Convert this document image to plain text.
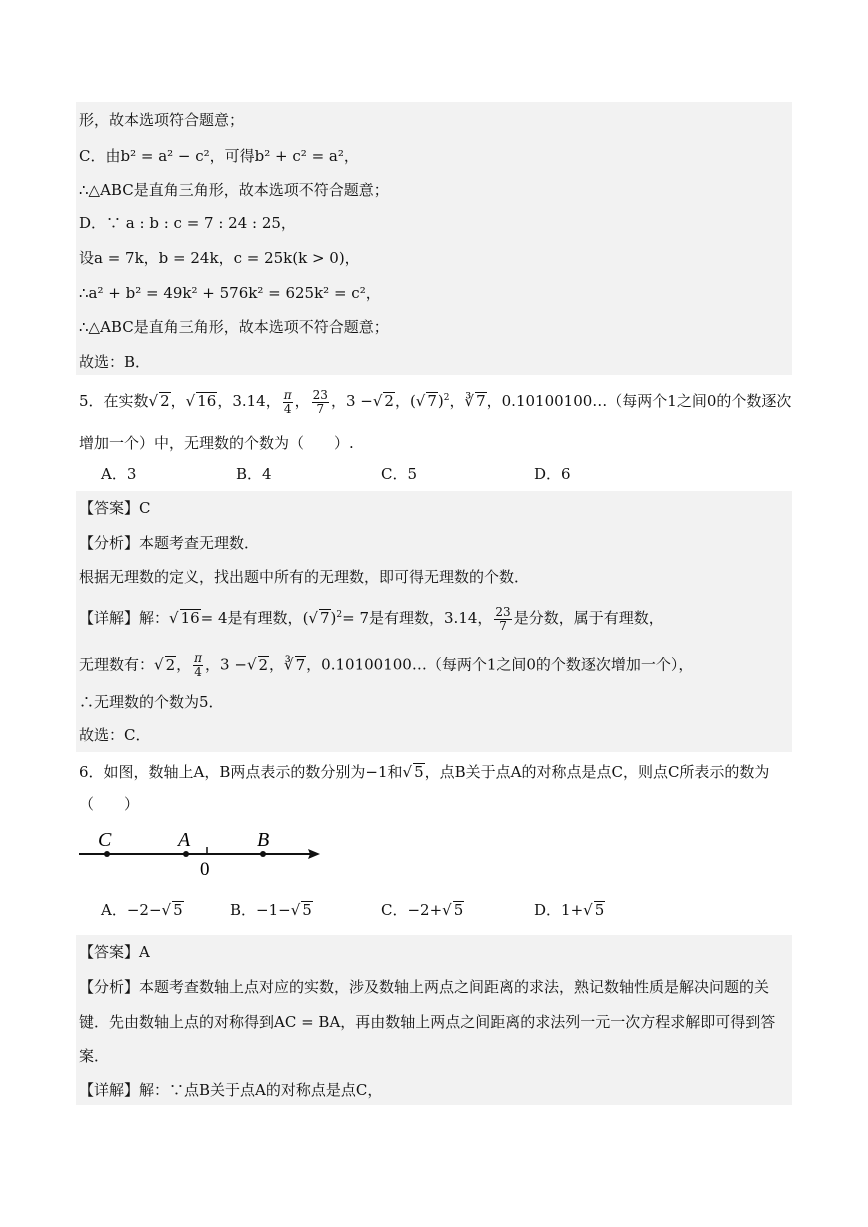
形，故本选项符合题意；
C．由b² = a² − c²，可得b² + c² = a²，
∴△ABC是直角三角形，故本选项不符合题意；
D．∵ a : b : c = 7 : 24 : 25，
设a = 7k，b = 24k，c = 25k(k > 0)，
∴a² + b² = 49k² + 576k² = 625k² = c²，
∴△ABC是直角三角形，故本选项不符合题意；
故选：B．
5．在实数√ 2，√ 16，3.14， $\frac{\pi}{4}$ ， $\frac{23}{7}$ ，3 −√ 2，(√ 7)$^2$，∛ 7，0.10100100…（每两个1之间0的个数逐次
增加一个）中，无理数的个数为（　　）.
A．3	B．4	C．5	D．6
【答案】C
【分析】本题考查无理数．
根据无理数的定义，找出题中所有的无理数，即可得无理数的个数．
【详解】解：√ 16= 4是有理数，(√ 7)$^2$= 7是有理数，3.14， $\frac{23}{7}$ 是分数，属于有理数，
无理数有：√ 2， $\frac{\pi}{4}$ ，3 −√ 2，∛ 7，0.10100100…（每两个1之间0的个数逐次增加一个），
∴无理数的个数为5．
故选：C．
6．如图，数轴上A，B两点表示的数分别为−1和√ 5，点B关于点A的对称点是点C，则点C所表示的数为
（　　）
C	A	B
0
A．−2−√ 5	B．−1−√ 5	C．−2+√ 5	D．1+√ 5
【答案】A
【分析】本题考查数轴上点对应的实数，涉及数轴上两点之间距离的求法，熟记数轴性质是解决问题的关
键．先由数轴上点的对称得到AC = BA，再由数轴上两点之间距离的求法列一元一次方程求解即可得到答
案．
【详解】解：∵点B关于点A的对称点是点C，
